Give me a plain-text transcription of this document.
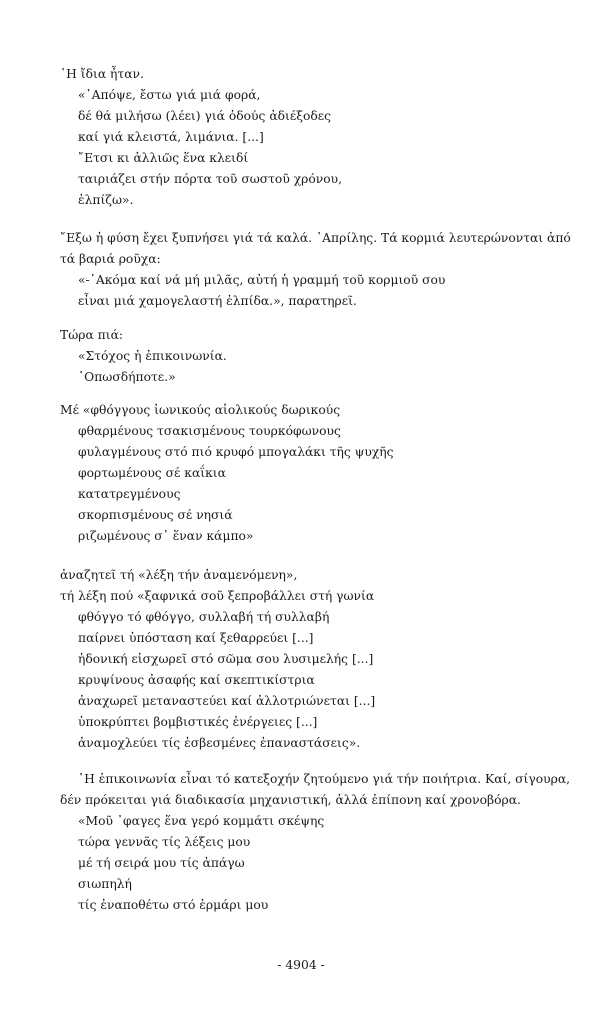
῾Η ἴδια ἦταν.
«᾿Απόψε, ἔστω γιά μιά φορά,
δέ θά μιλήσω (λέει) γιά ὁδούς ἀδιέξοδες
καί γιά κλειστά, λιμάνια. [...]
῎Ετσι κι ἀλλιῶς ἕνα κλειδί
ταιριάζει στήν πόρτα τοῦ σωστοῦ χρόνου,
ἐλπίζω».
῎Εξω ἡ φύση ἔχει ξυπνήσει γιά τά καλά. ᾿Απρίλης. Τά κορμιά λευτερώνονται ἀπό
τά βαριά ροῦχα:
«-᾿Ακόμα καί νά μή μιλᾶς, αὐτή ἡ γραμμή τοῦ κορμιοῦ σου
εἶναι μιά χαμογελαστή ἐλπίδα.», παρατηρεῖ.
Τώρα πιά:
«Στόχος ἡ ἐπικοινωνία.
῾Οπωσδήποτε.»
Μέ «φθόγγους ἰωνικούς αἰολικούς δωρικούς
φθαρμένους τσακισμένους τουρκόφωνους
φυλαγμένους στό πιό κρυφό μπογαλάκι τῆς ψυχῆς
φορτωμένους σέ καΐκια
κατατρεγμένους
σκορπισμένους σέ νησιά
ριζωμένους σ᾿ ἕναν κάμπο»
ἀναζητεῖ τή «λέξη τήν ἀναμενόμενη»,
τή λέξη πού «ξαφνικά σοῦ ξεπροβάλλει στή γωνία
φθόγγο τό φθόγγο, συλλαβή τή συλλαβή
παίρνει ὑπόσταση καί ξεθαρρεύει [...]
ἡδονική εἰσχωρεῖ στό σῶμα σου λυσιμελής [...]
κρυψίνους ἀσαφής καί σκεπτικίστρια
ἀναχωρεῖ μεταναστεύει καί ἀλλοτριώνεται [...]
ὑποκρύπτει βομβιστικές ἐνέργειες [...]
ἀναμοχλεύει τίς ἐσβεσμένες ἐπαναστάσεις».
῾Η ἐπικοινωνία εἶναι τό κατεξοχήν ζητούμενο γιά τήν ποιήτρια. Καί, σίγουρα,
δέν πρόκειται γιά διαδικασία μηχανιστική, ἀλλά ἐπίπονη καί χρονοβόρα.
«Μοῦ ᾿φαγες ἕνα γερό κομμάτι σκέψης
τώρα γεννᾶς τίς λέξεις μου
μέ τή σειρά μου τίς ἀπάγω
σιωπηλή
τίς ἐναποθέτω στό ἑρμάρι μου
- 4904 -
